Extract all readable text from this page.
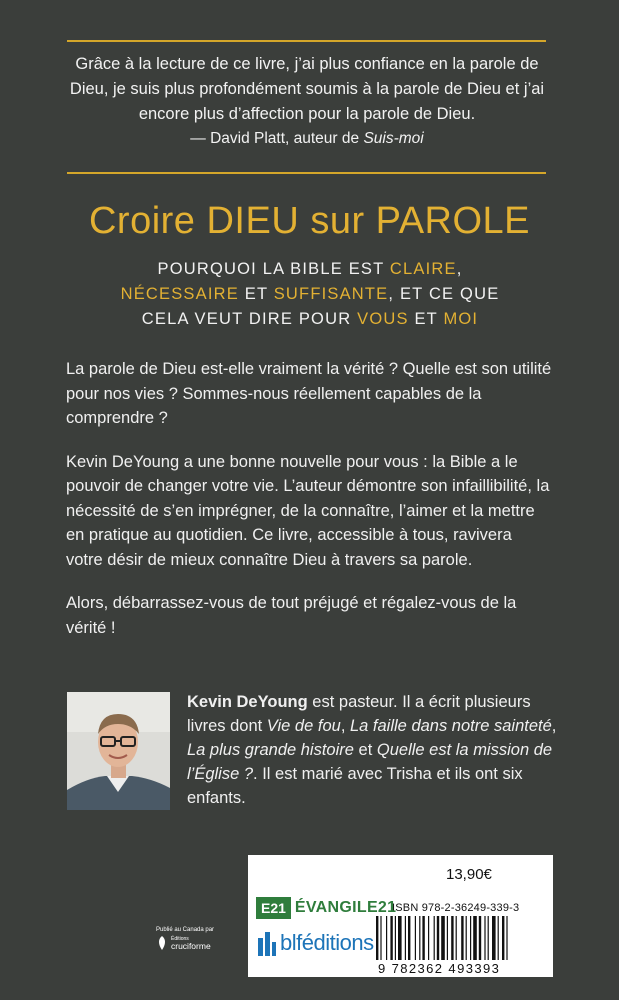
Grâce à la lecture de ce livre, j’ai plus confiance en la parole de Dieu, je suis plus profondément soumis à la parole de Dieu et j’ai encore plus d’affection pour la parole de Dieu.

— David Platt, auteur de Suis-moi
Croire DIEU sur PAROLE
POURQUOI LA BIBLE EST CLAIRE, NÉCESSAIRE ET SUFFISANTE, ET CE QUE CELA VEUT DIRE POUR VOUS ET MOI

La parole de Dieu est-elle vraiment la vérité ? Quelle est son utilité pour nos vies ? Sommes-nous réellement capables de la comprendre ?

Kevin DeYoung a une bonne nouvelle pour vous : la Bible a le pouvoir de changer votre vie. L’auteur démontre son infaillibilité, la nécessité de s’en imprégner, de la connaître, l’aimer et la mettre en pratique au quotidien. Ce livre, accessible à tous, ravivera votre désir de mieux connaître Dieu à travers sa parole.

Alors, débarrassez-vous de tout préjugé et régalez-vous de la vérité !

Kevin DeYoung est pasteur. Il a écrit plusieurs livres dont Vie de fou, La faille dans notre sainteté, La plus grande histoire et Quelle est la mission de l’Église ?. Il est marié avec Trisha et ils ont six enfants.
Publié au Canada par
Éditions
cruciforme
13,90€
ISBN 978-2-36249-339-3
E21 ÉVANGILE21
blféditions
9 782362 493393
